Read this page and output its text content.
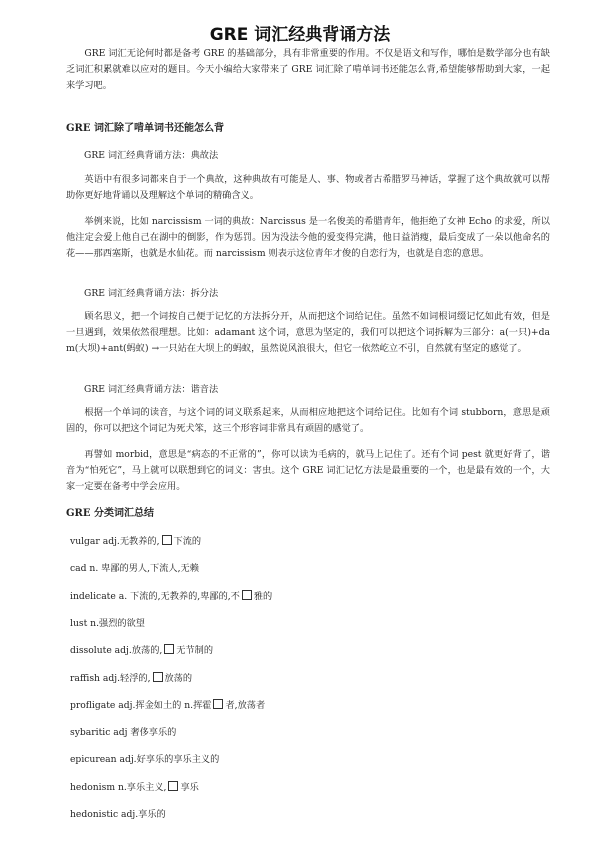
GRE 词汇经典背诵方法

GRE 词汇无论何时都是备考 GRE 的基础部分，具有非常重要的作用。不仅是语文和写作，哪怕是数学部分也有缺乏词汇积累就难以应对的题目。今天小编给大家带来了 GRE 词汇除了啃单词书还能怎么背,希望能够帮助到大家，一起来学习吧。

GRE 词汇除了啃单词书还能怎么背

GRE 词汇经典背诵方法：典故法

英语中有很多词都来自于一个典故，这种典故有可能是人、事、物或者古希腊罗马神话，掌握了这个典故就可以帮助你更好地背诵以及理解这个单词的精确含义。

举例来说，比如 narcissism 一词的典故：Narcissus 是一名俊美的希腊青年，他拒绝了女神 Echo 的求爱，所以他注定会爱上他自己在湖中的倒影，作为惩罚。因为没法今他的爱变得完满，他日益消瘦，最后变成了一朵以他命名的花——那西塞斯，也就是水仙花。而 narcissism 则表示这位青年才俊的自恋行为，也就是自恋的意思。

GRE 词汇经典背诵方法：拆分法

顾名思义，把一个词按自己便于记忆的方法拆分开，从而把这个词给记住。虽然不如词根词缀记忆如此有效，但是一旦遇到，效果依然很理想。比如：adamant 这个词，意思为坚定的，我们可以把这个词拆解为三部分：a(一只)+dam(大坝)+ant(蚂蚁) →一只站在大坝上的蚂蚁，虽然说风浪很大，但它一依然屹立不引，自然就有坚定的感觉了。

GRE 词汇经典背诵方法：谐音法

根据一个单词的读音，与这个词的词义联系起来，从而相应地把这个词给记住。比如有个词 stubborn，意思是顽固的，你可以把这个词记为死犬笨，这三个形容词非常具有顽固的感觉了。

再譬如 morbid，意思是“病态的不正常的”，你可以读为毛病的，就马上记住了。还有个词 pest 就更好背了，谐音为“怕死它”，马上就可以联想到它的词义：害虫。这个 GRE 词汇记忆方法是最重要的一个，也是最有效的一个，大家一定要在备考中学会应用。

GRE 分类词汇总结

vulgar adj.无教养的, 下流的

cad n. 卑鄙的男人,下流人,无赖

indelicate a. 下流的,无教养的,卑鄙的,不 雅的

lust n.强烈的欲望

dissolute adj.放荡的, 无节制的

raffish adj.轻浮的, 放荡的

profligate adj.挥金如土的 n.挥霍 者,放荡者

sybaritic adj 奢侈享乐的

epicurean adj.好享乐的享乐主义的

hedonism n.享乐主义, 享乐

hedonistic adj.享乐的
